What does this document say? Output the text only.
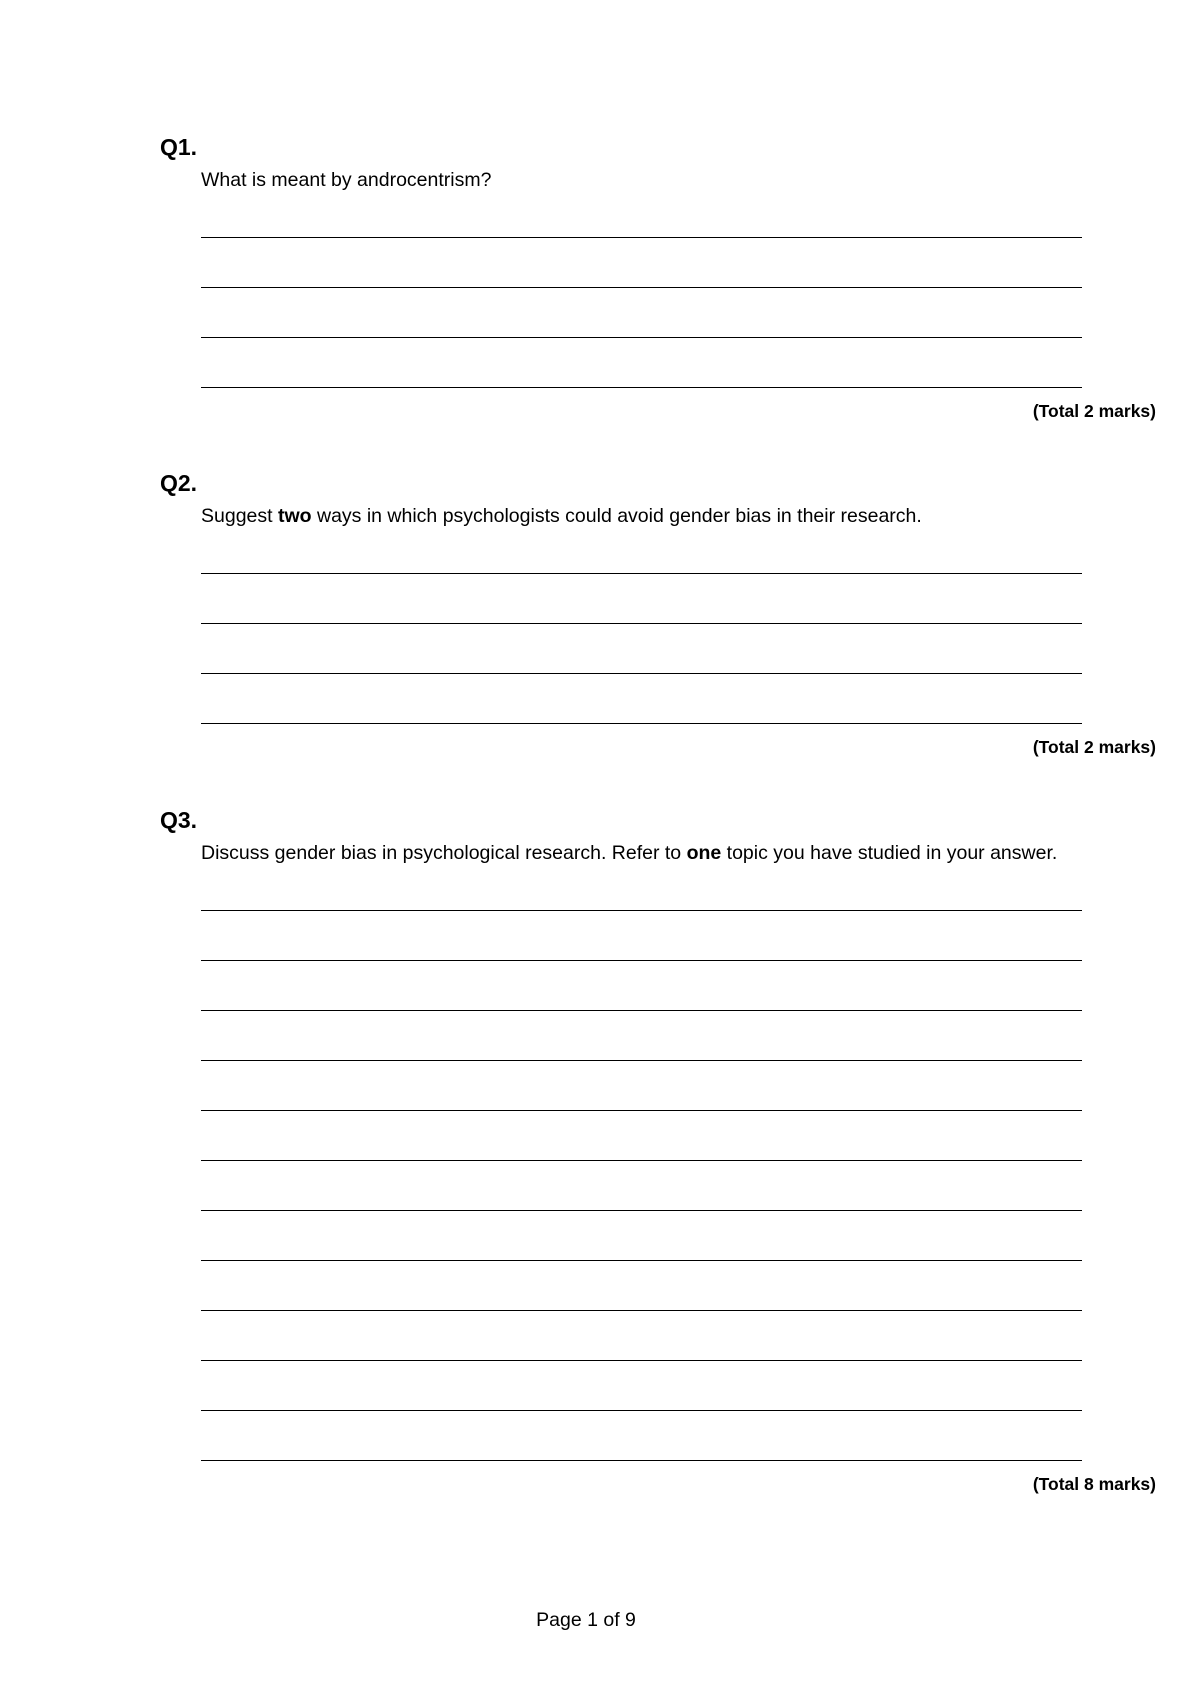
Q1.
What is meant by androcentrism?
(Total 2 marks)
Q2.
Suggest two ways in which psychologists could avoid gender bias in their research.
(Total 2 marks)
Q3.
Discuss gender bias in psychological research. Refer to one topic you have studied in your answer.
(Total 8 marks)
Page 1 of 9
